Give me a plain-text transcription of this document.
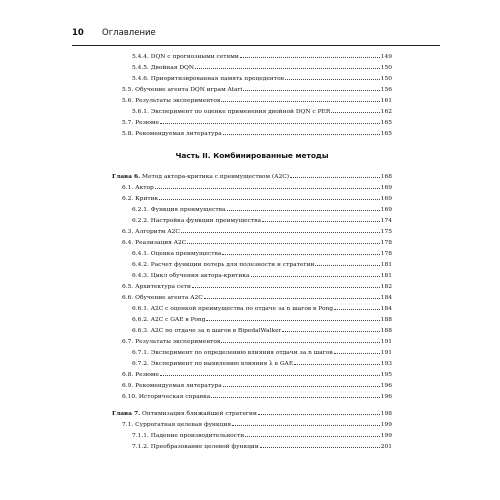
10 Оглавление
5.4.4. DQN с прогнозными сетями	149
5.4.5. Двойная DQN	150
5.4.6. Приоритизированная память прецедентов	150
5.5. Обучение агента DQN играм Atari	156
5.6. Результаты экспериментов	161
5.6.1. Эксперимент по оценке применения двойной DQN с PER	162
5.7. Резюме	165
5.8. Рекомендуемая литература	165
Часть II. Комбинированные методы
Глава 6. Метод актора-критика с преимуществом (A2C)	168
6.1. Актор	169
6.2. Критик	169
6.2.1. Функция преимущества	169
6.2.2. Настройка функции преимущества	174
6.3. Алгоритм A2C	175
6.4. Реализация A2C	178
6.4.1. Оценка преимущества	178
6.4.2. Расчет функции потерь для полезности и стратегии	181
6.4.3. Цикл обучения актора-критика	181
6.5. Архитектура сети	182
6.6. Обучение агента A2C	184
6.6.1. A2C с оценкой преимущества по отдаче за n шагов в Pong	184
6.6.2. A2C с GAE в Pong	188
6.6.3. A2C по отдаче за n шагов в BipedalWalker	188
6.7. Результаты экспериментов	191
6.7.1. Эксперимент по определению влияния отдачи за n шагов	191
6.7.2. Эксперимент по выявлению влияния λ в GAE	193
6.8. Резюме	195
6.9. Рекомендуемая литература	196
6.10. Историческая справка	196
Глава 7. Оптимизация ближайшей стратегии	198
7.1. Суррогатная целевая функция	199
7.1.1. Падение производительности	199
7.1.2. Преобразование целевой функции	201
